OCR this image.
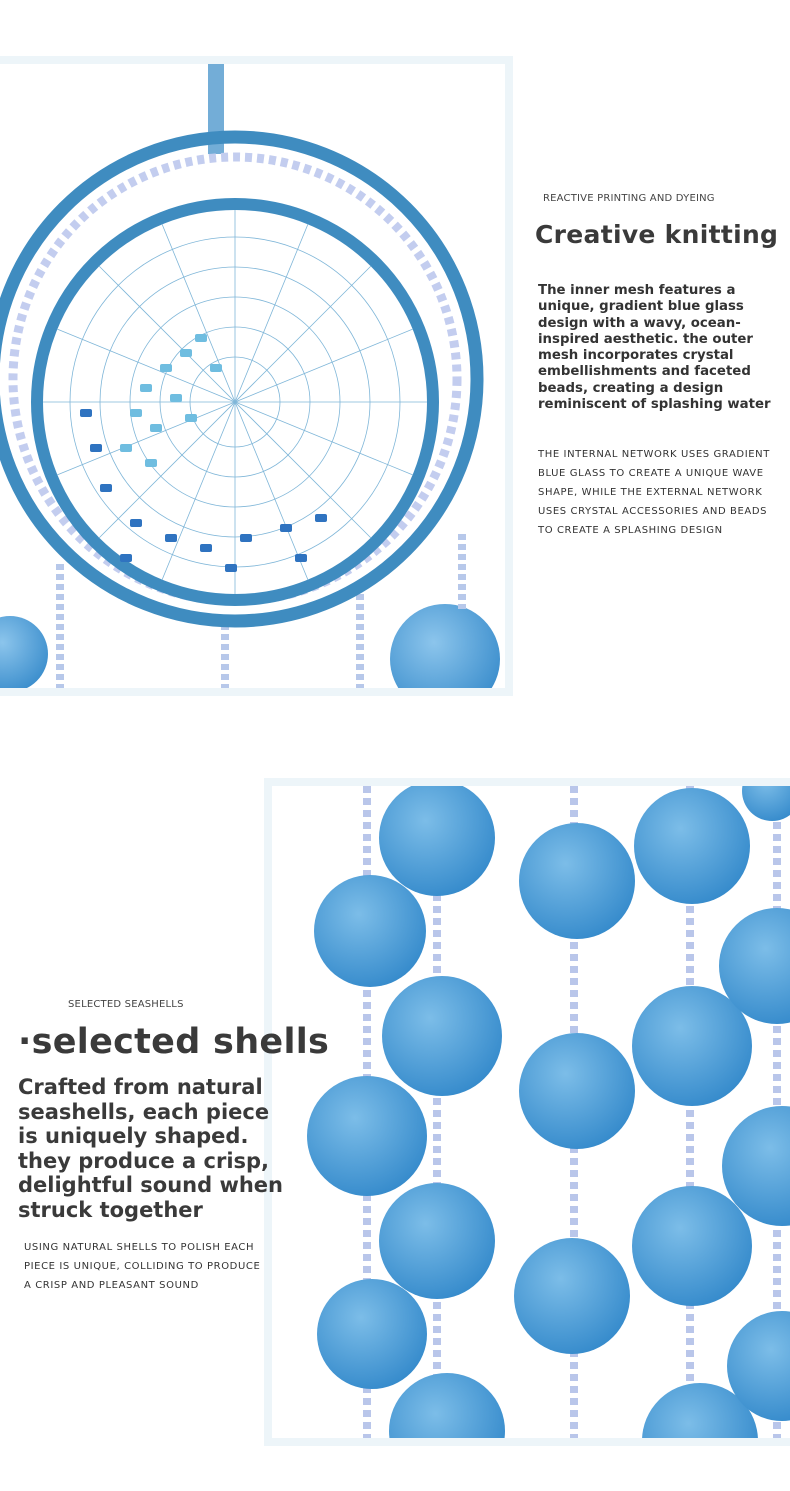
REACTIVE PRINTING AND DYEING
Creative knitting
The inner mesh features a unique, gradient blue glass design with a wavy, ocean-inspired aesthetic. the outer mesh incorporates crystal embellishments and faceted beads, creating a design reminiscent of splashing water
THE INTERNAL NETWORK USES GRADIENT BLUE GLASS TO CREATE A UNIQUE WAVE SHAPE, WHILE THE EXTERNAL NETWORK USES CRYSTAL ACCESSORIES AND BEADS TO CREATE A SPLASHING DESIGN
SELECTED SEASHELLS
·selected shells
Crafted from natural seashells, each piece is uniquely shaped. they produce a crisp, delightful sound when struck together
USING NATURAL SHELLS TO POLISH EACH PIECE IS UNIQUE, COLLIDING TO PRODUCE A CRISP AND PLEASANT SOUND
